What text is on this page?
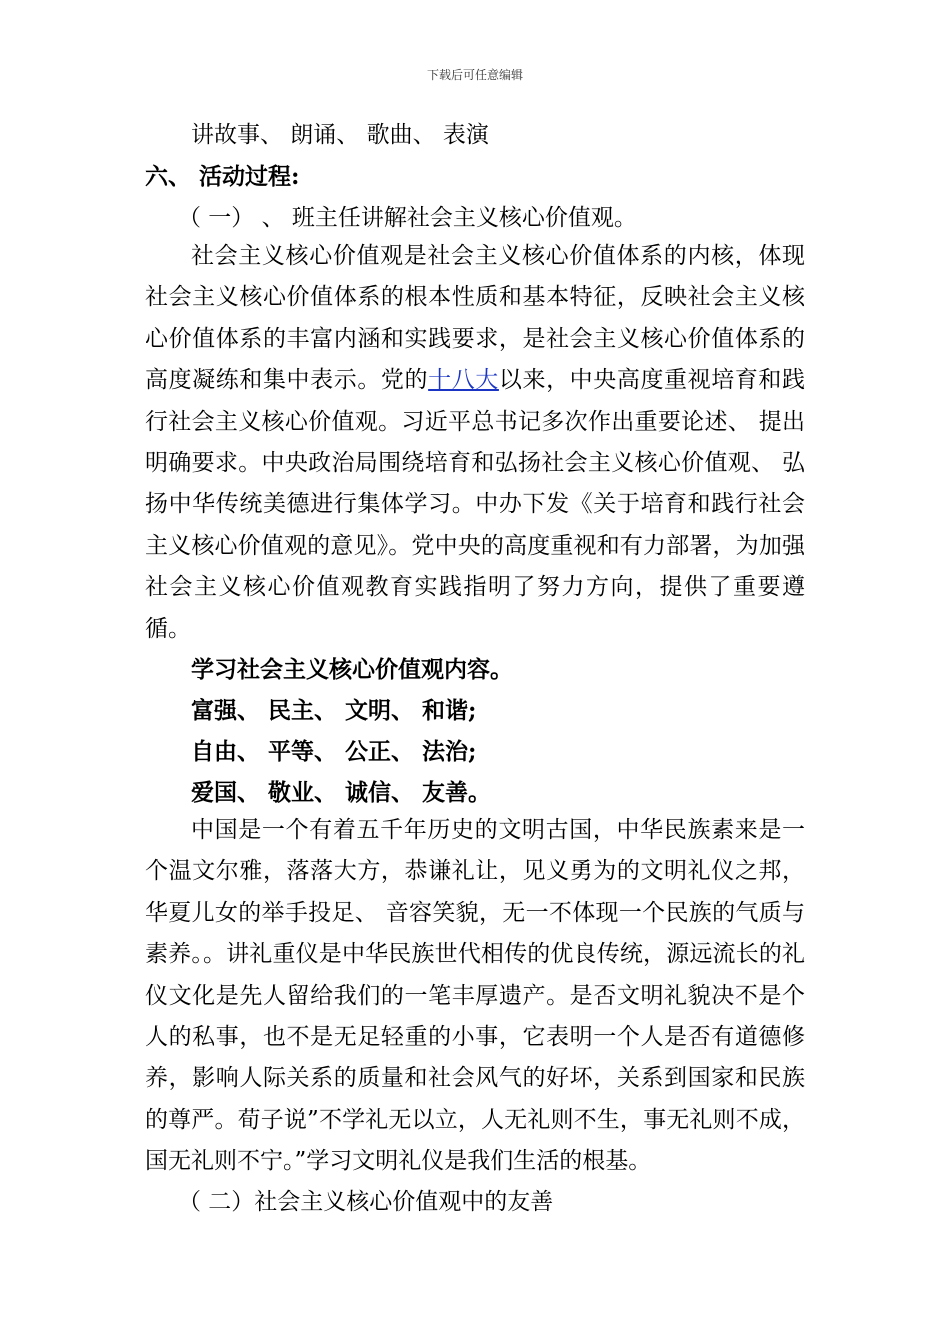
下载后可任意编辑
讲故事、 朗诵、 歌曲、 表演
六、 活动过程:
（ 一） 、 班主任讲解社会主义核心价值观。

社会主义核心价值观是社会主义核心价值体系的内核，体现社会主义核心价值体系的根本性质和基本特征，反映社会主义核心价值体系的丰富内涵和实践要求，是社会主义核心价值体系的高度凝练和集中表示。党的十八大以来，中央高度重视培育和践行社会主义核心价值观。习近平总书记多次作出重要论述、 提出明确要求。中央政治局围绕培育和弘扬社会主义核心价值观、 弘扬中华传统美德进行集体学习。中办下发《关于培育和践行社会主义核心价值观的意见》。党中央的高度重视和有力部署，为加强社会主义核心价值观教育实践指明了努力方向，提供了重要遵循。

学习社会主义核心价值观内容。
富强、 民主、 文明、 和谐;
自由、 平等、 公正、 法治;
爱国、 敬业、 诚信、 友善。

中国是一个有着五千年历史的文明古国，中华民族素来是一个温文尔雅，落落大方，恭谦礼让，见义勇为的文明礼仪之邦，华夏儿女的举手投足、 音容笑貌，无一不体现一个民族的气质与素养。。讲礼重仪是中华民族世代相传的优良传统，源远流长的礼仪文化是先人留给我们的一笔丰厚遗产。是否文明礼貌决不是个人的私事，也不是无足轻重的小事，它表明一个人是否有道德修养，影响人际关系的质量和社会风气的好坏，关系到国家和民族的尊严。荀子说”不学礼无以立，人无礼则不生，事无礼则不成，国无礼则不宁。”学习文明礼仪是我们生活的根基。

（ 二）社会主义核心价值观中的友善
